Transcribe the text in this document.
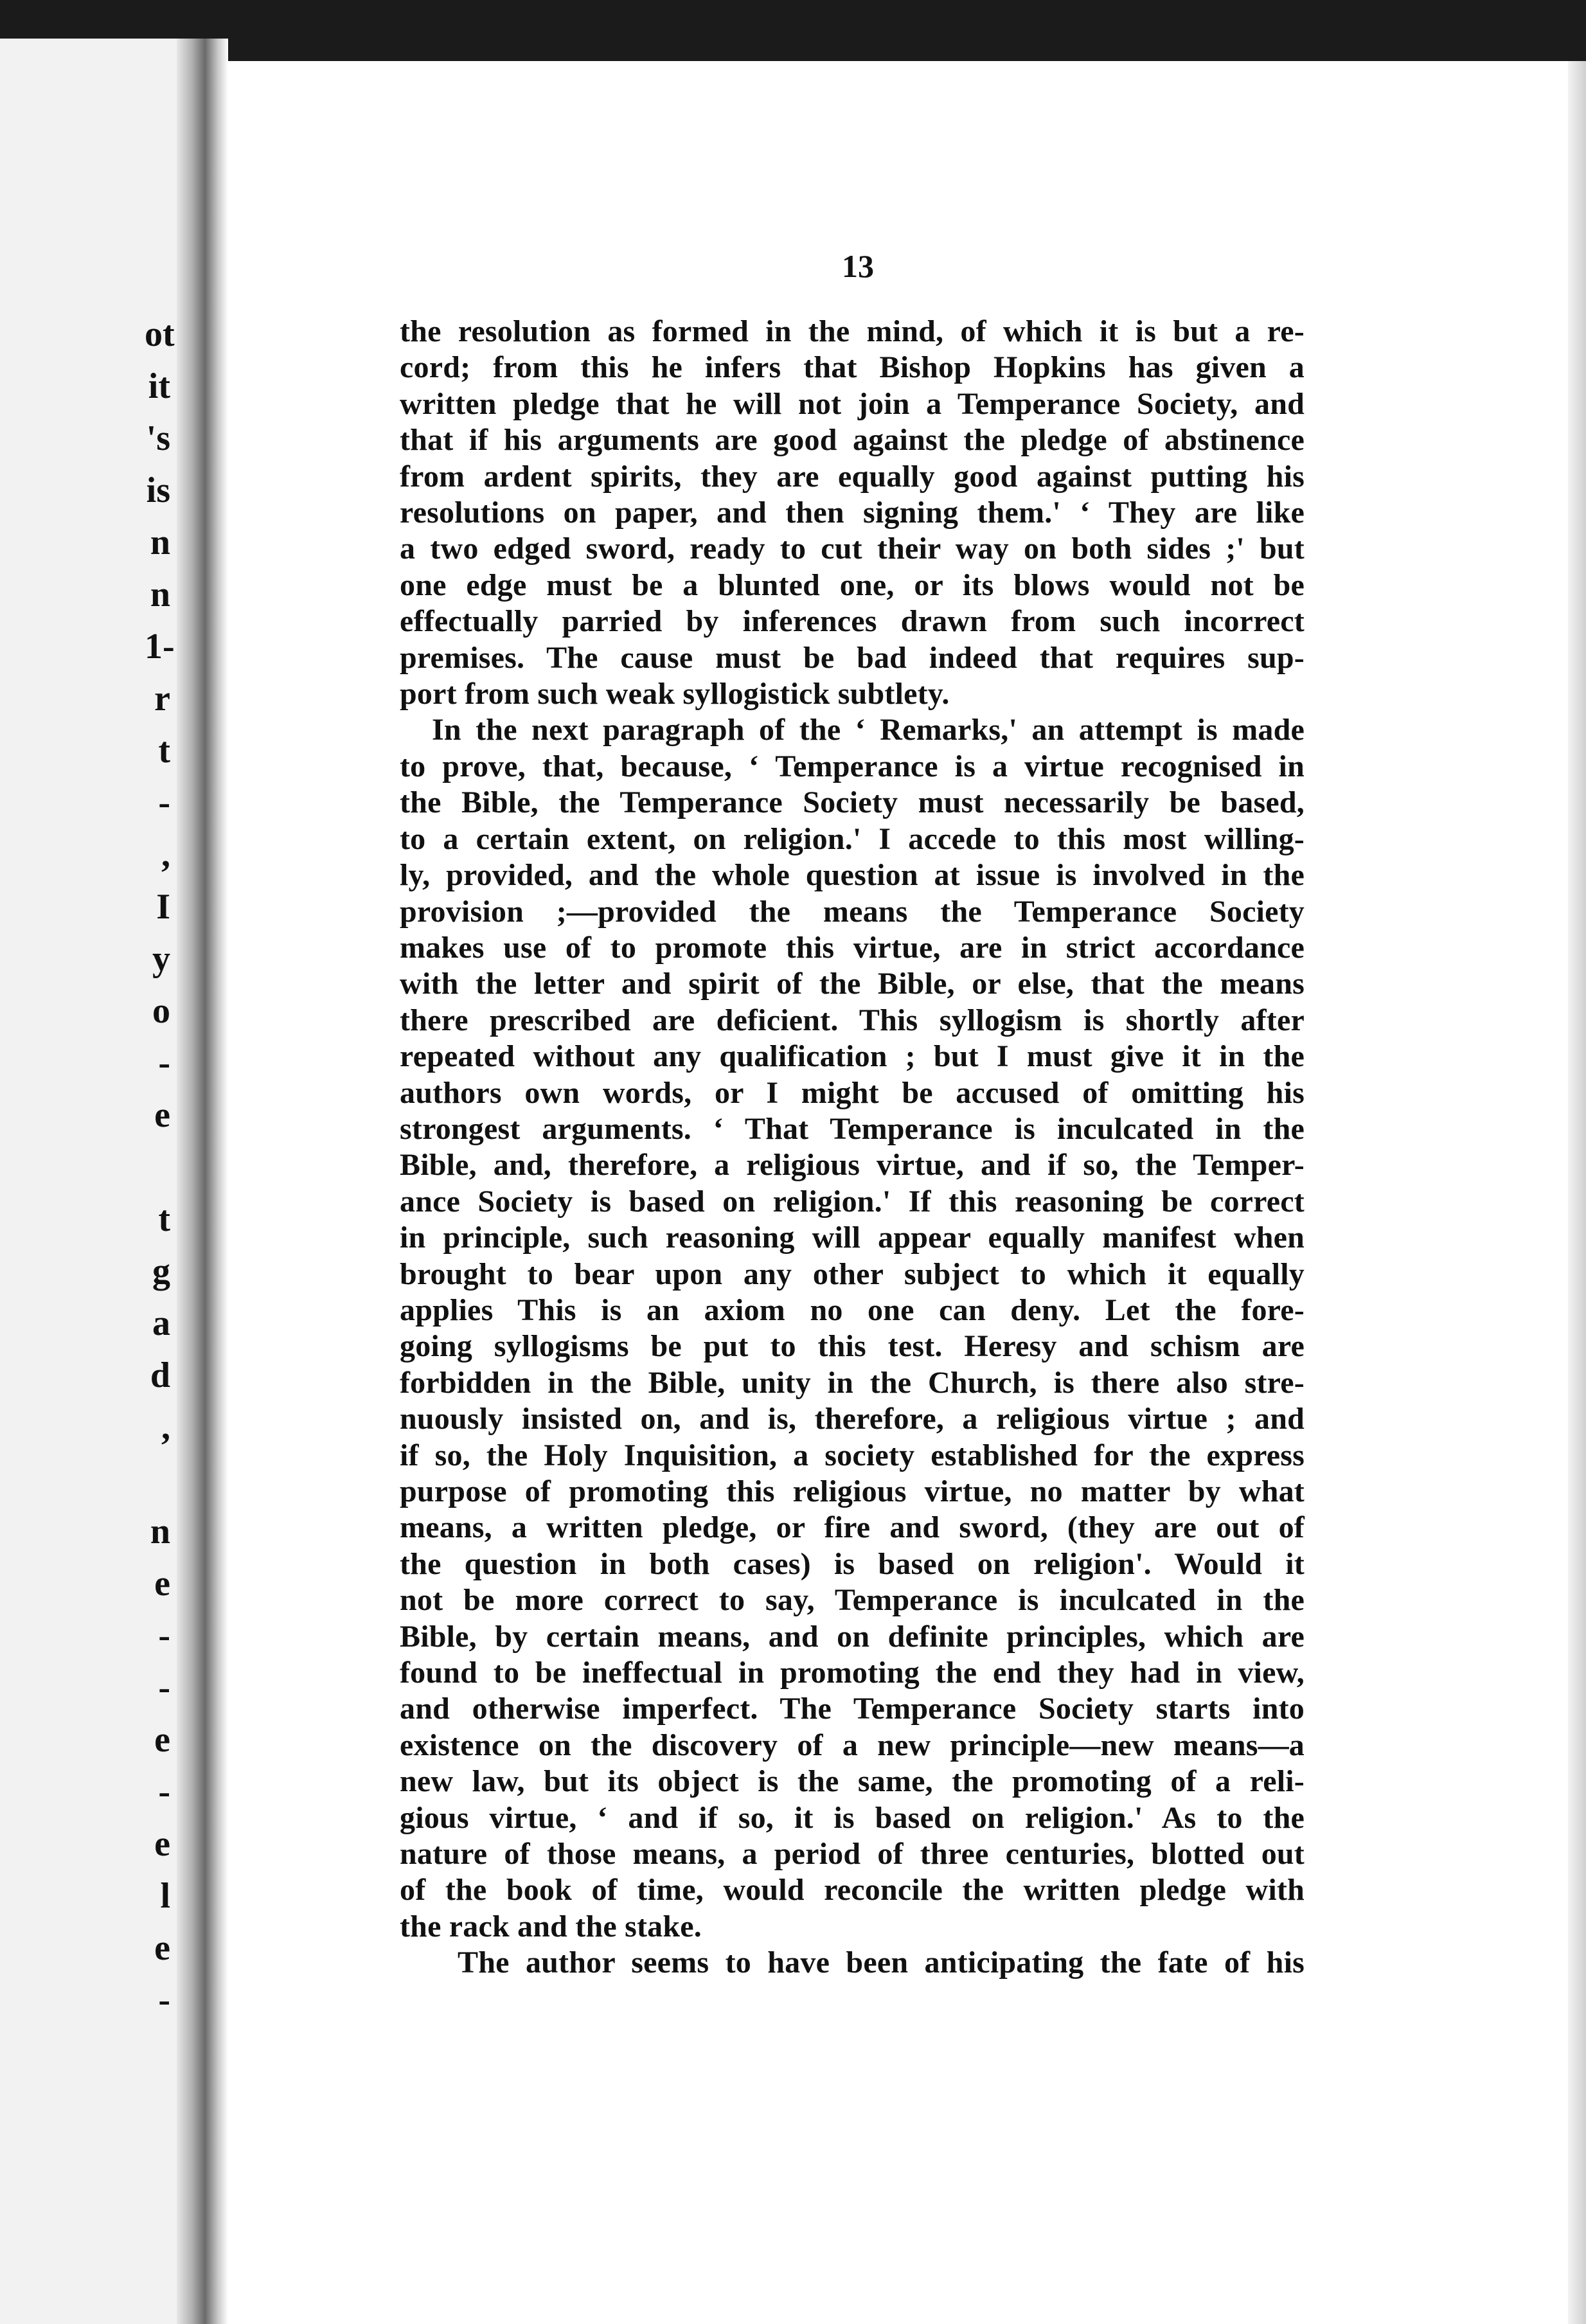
ot
it
's
is
n
n
1-
r
t
-
,
I
y
o
-
e

t
g
a
d
,

n
e
-
-
e
-
e
l
e
-
13

the resolution as formed in the mind, of which it is but a re-

cord; from this he infers that Bishop Hopkins has given a

written pledge that he will not join a Temperance Society, and

that if his arguments are good against the pledge of abstinence

from ardent spirits, they are equally good against putting his

resolutions on paper, and then signing them.' ‘ They are like

a two edged sword, ready to cut their way on both sides ;' but

one edge must be a blunted one, or its blows would not be

effectually parried by inferences drawn from such incorrect

premises. The cause must be bad indeed that requires sup-

port from such weak syllogistick subtlety.

In the next paragraph of the ‘ Remarks,' an attempt is made

to prove, that, because, ‘ Temperance is a virtue recognised in

the Bible, the Temperance Society must necessarily be based,

to a certain extent, on religion.' I accede to this most willing-

ly, provided, and the whole question at issue is involved in the

provision ;—provided the means the Temperance Society

makes use of to promote this virtue, are in strict accordance

with the letter and spirit of the Bible, or else, that the means

there prescribed are deficient. This syllogism is shortly after

repeated without any qualification ; but I must give it in the

authors own words, or I might be accused of omitting his

strongest arguments. ‘ That Temperance is inculcated in the

Bible, and, therefore, a religious virtue, and if so, the Temper-

ance Society is based on religion.' If this reasoning be correct

in principle, such reasoning will appear equally manifest when

brought to bear upon any other subject to which it equally

applies This is an axiom no one can deny. Let the fore-

going syllogisms be put to this test. Heresy and schism are

forbidden in the Bible, unity in the Church, is there also stre-

nuously insisted on, and is, therefore, a religious virtue ; and

if so, the Holy Inquisition, a society established for the express

purpose of promoting this religious virtue, no matter by what

means, a written pledge, or fire and sword, (they are out of

the question in both cases) is based on religion'. Would it

not be more correct to say, Temperance is inculcated in the

Bible, by certain means, and on definite principles, which are

found to be ineffectual in promoting the end they had in view,

and otherwise imperfect. The Temperance Society starts into

existence on the discovery of a new principle—new means—a

new law, but its object is the same, the promoting of a reli-

gious virtue, ‘ and if so, it is based on religion.' As to the

nature of those means, a period of three centuries, blotted out

of the book of time, would reconcile the written pledge with

the rack and the stake.

The author seems to have been anticipating the fate of his
